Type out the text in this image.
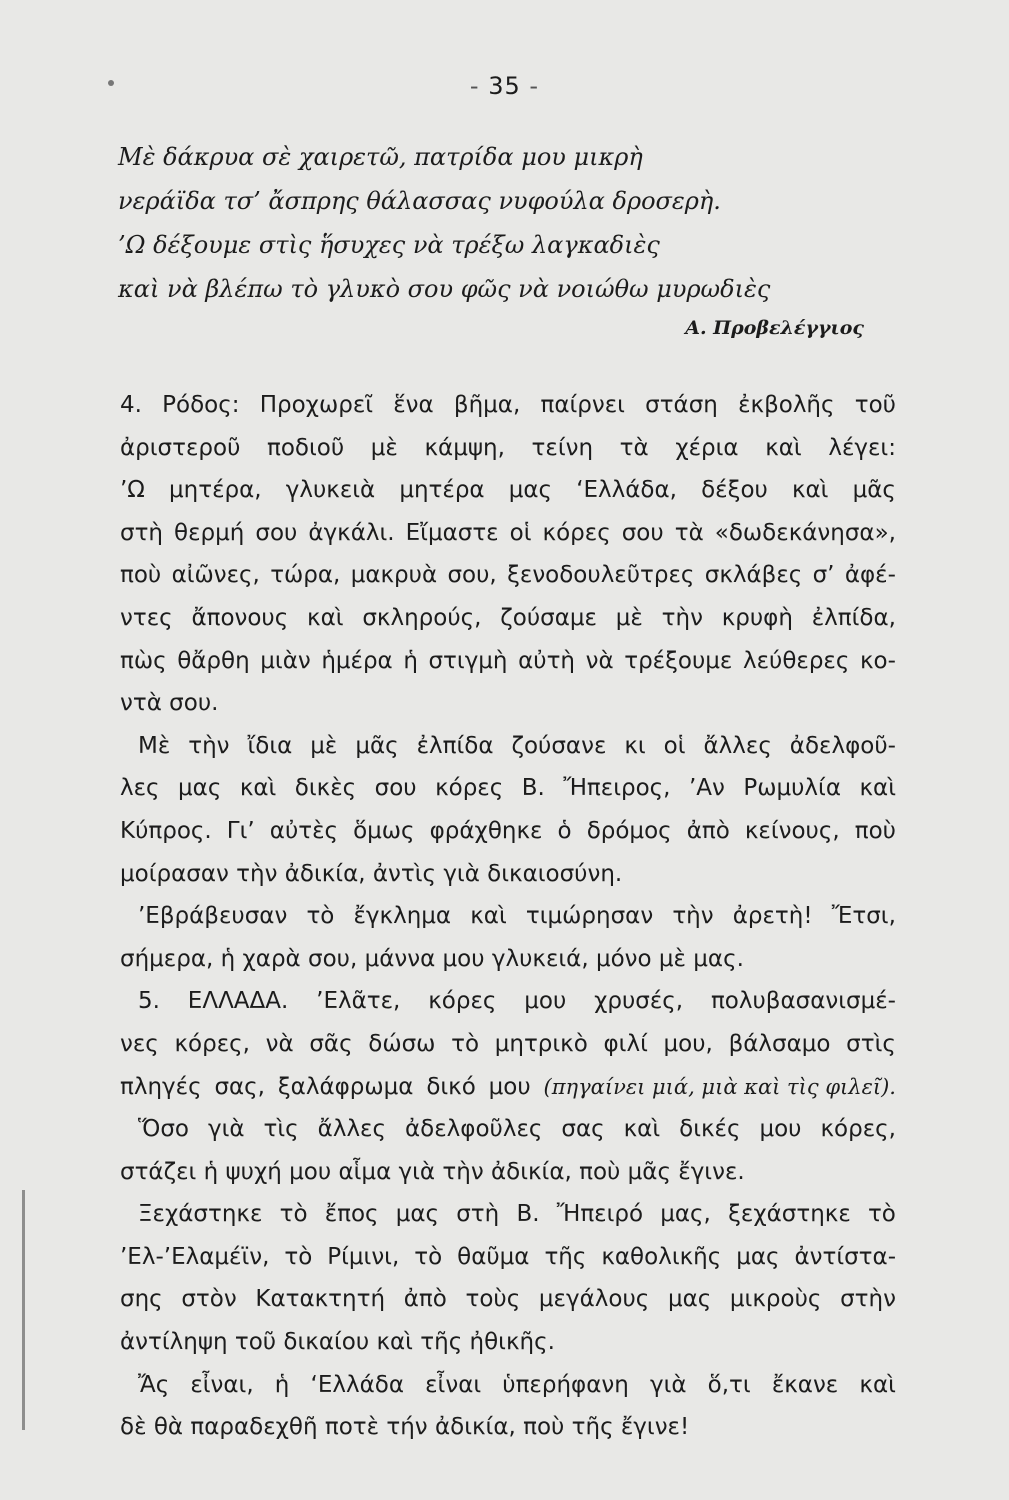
- 35 -
Μὲ δάκρυα σὲ χαιρετῶ, πατρίδα μου μικρὴ
νεράϊδα τσ’ ἄσπρης θάλασσας νυφούλα δροσερὴ.
’Ω δέξουμε στὶς ἥσυχες νὰ τρέξω λαγκαδιὲς
καὶ νὰ βλέπω τὸ γλυκὸ σου φῶς νὰ νοιώθω μυρωδιὲς
Α. Προβελέγγιος
4. Ρόδος: Προχωρεῖ ἕνα βῆμα, παίρνει στάση ἐκβολῆς τοῦ
ἀριστεροῦ ποδιοῦ μὲ κάμψη, τείνη τὰ χέρια καὶ λέγει:
’Ω μητέρα, γλυκειὰ μητέρα μας ‘Ελλάδα, δέξου καὶ μᾶς
στὴ θερμή σου ἀγκάλι. Εἴμαστε οἱ κόρες σου τὰ «δωδεκάνησα»,
ποὺ αἰῶνες, τώρα, μακρυὰ σου, ξενοδουλεῦτρες σκλάβες σ’ ἀφέ-
ντες ἄπονους καὶ σκληρούς, ζούσαμε μὲ τὴν κρυφὴ ἐλπίδα,
πὼς θἄρθη μιὰν ἡμέρα ἡ στιγμὴ αὐτὴ νὰ τρέξουμε λεύθερες κο-
ντὰ σου.
Μὲ τὴν ἴδια μὲ μᾶς ἐλπίδα ζούσανε κι οἱ ἄλλες ἀδελφοῦ-
λες μας καὶ δικὲς σου κόρες Β. Ἤπειρος, ’Αν Ρωμυλία καὶ
Κύπρος. Γι’ αὐτὲς ὅμως φράχθηκε ὁ δρόμος ἀπὸ κείνους, ποὺ
μοίρασαν τὴν ἀδικία, ἀντὶς γιὰ δικαιοσύνη.
’Εβράβευσαν τὸ ἔγκλημα καὶ τιμώρησαν τὴν ἀρετὴ! Ἔτσι,
σήμερα, ἡ χαρὰ σου, μάννα μου γλυκειά, μόνο μὲ μας.
5. ΕΛΛΑΔΑ. ’Ελᾶτε, κόρες μου χρυσές, πολυβασανισμέ-
νες κόρες, νὰ σᾶς δώσω τὸ μητρικὸ φιλί μου, βάλσαμο στὶς
πληγές σας, ξαλάφρωμα δικό μου (πηγαίνει μιά, μιὰ καὶ τὶς φιλεῖ).
Ὅσο γιὰ τὶς ἄλλες ἀδελφοῦλες σας καὶ δικές μου κόρες,
στάζει ἡ ψυχή μου αἷμα γιὰ τὴν ἀδικία, ποὺ μᾶς ἔγινε.
Ξεχάστηκε τὸ ἔπος μας στὴ Β. Ἤπειρό μας, ξεχάστηκε τὸ
’Ελ-’Ελαμέϊν, τὸ Ρίμινι, τὸ θαῦμα τῆς καθολικῆς μας ἀντίστα-
σης στὸν Κατακτητή ἀπὸ τοὺς μεγάλους μας μικροὺς στὴν
ἀντίληψη τοῦ δικαίου καὶ τῆς ἠθικῆς.
Ἄς εἶναι, ἡ ‘Ελλάδα εἶναι ὑπερήφανη γιὰ ὅ,τι ἔκανε καὶ
δὲ θὰ παραδεχθῆ ποτὲ τήν ἀδικία, ποὺ τῆς ἔγινε!
